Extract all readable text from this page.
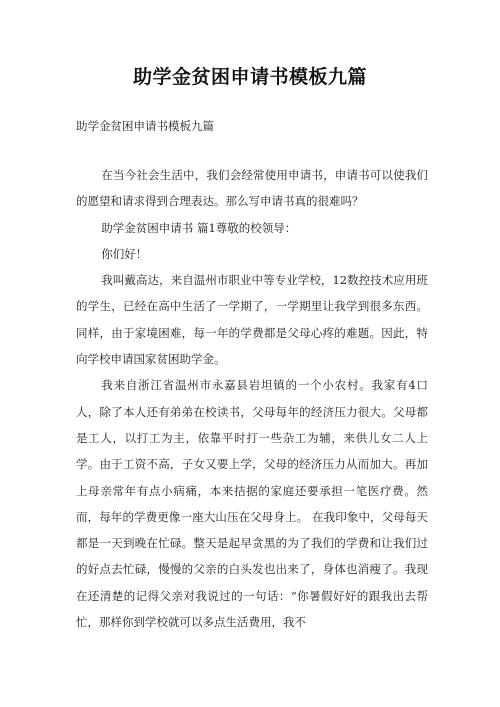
助学金贫困申请书模板九篇
助学金贫困申请书模板九篇

在当今社会生活中，我们会经常使用申请书，申请书可以使我们的愿望和请求得到合理表达。那么写申请书真的很难吗？

助学金贫困申请书 篇1尊敬的校领导：

你们好！

我叫戴高达，来自温州市职业中等专业学校，12数控技术应用班的学生，已经在高中生活了一学期了，一学期里让我学到很多东西。同样，由于家境困难，每一年的学费都是父母心疼的难题。因此，特向学校申请国家贫困助学金。

我来自浙江省温州市永嘉县岩坦镇的一个小农村。我家有4口人，除了本人还有弟弟在校读书，父母每年的经济压力很大。父母都是工人，以打工为主，依靠平时打一些杂工为辅，来供儿女二人上学。由于工资不高，子女又要上学，父母的经济压力从而加大。再加上母亲常年有点小病痛，本来拮据的家庭还要承担一笔医疗费。然而，每年的学费更像一座大山压在父母身上。 在我印象中，父母每天都是一天到晚在忙碌。整天是起早贪黑的为了我们的学费和让我们过的好点去忙碌，慢慢的父亲的白头发也出来了，身体也消瘦了。我现在还清楚的记得父亲对我说过的一句话：“你暑假好好的跟我出去帮忙，那样你到学校就可以多点生活费用，我不
